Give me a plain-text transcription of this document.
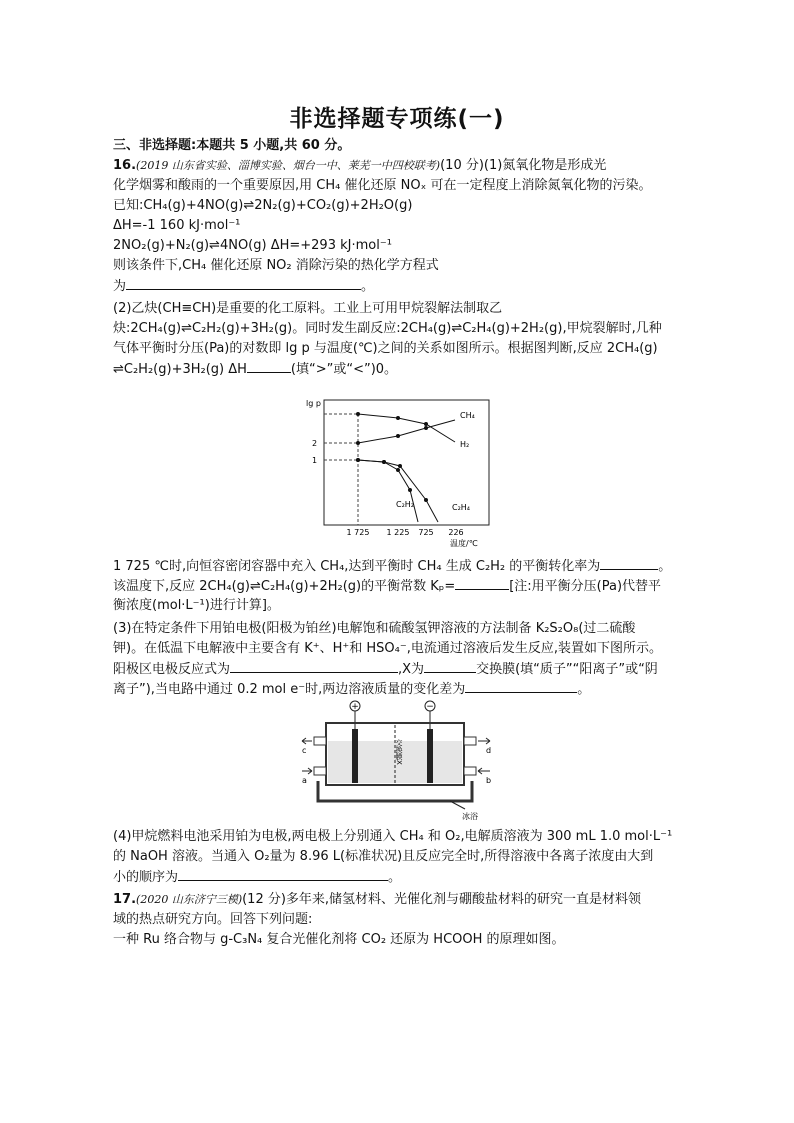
非选择题专项练(一)
三、非选择题:本题共 5 小题,共 60 分。
16.(2019 山东省实验、淄博实验、烟台一中、莱芜一中四校联考)(10 分)(1)氮氧化物是形成光
化学烟雾和酸雨的一个重要原因,用 CH₄ 催化还原 NOₓ 可在一定程度上消除氮氧化物的污染。
已知:CH₄(g)+4NO(g)⇌2N₂(g)+CO₂(g)+2H₂O(g)
ΔH=-1 160 kJ·mol⁻¹
2NO₂(g)+N₂(g)⇌4NO(g) ΔH=+293 kJ·mol⁻¹
则该条件下,CH₄ 催化还原 NO₂ 消除污染的热化学方程式
为	。
(2)乙炔(CH≡CH)是重要的化工原料。工业上可用甲烷裂解法制取乙
炔:2CH₄(g)⇌C₂H₂(g)+3H₂(g)。同时发生副反应:2CH₄(g)⇌C₂H₄(g)+2H₂(g),甲烷裂解时,几种
气体平衡时分压(Pa)的对数即 lg p 与温度(℃)之间的关系如图所示。根据图判断,反应 2CH₄(g)
⇌C₂H₂(g)+3H₂(g) ΔH	(填“>”或“<”)0。
lg p
1
2
1 725 1 225 725 226
温度/℃
CH₄
H₂
C₂H₂	C₂H₄
1 725 ℃时,向恒容密闭容器中充入 CH₄,达到平衡时 CH₄ 生成 C₂H₂ 的平衡转化率为	。
该温度下,反应 2CH₄(g)⇌C₂H₄(g)+2H₂(g)的平衡常数 Kₚ=	[注:用平衡分压(Pa)代替平
衡浓度(mol·L⁻¹)进行计算]。
(3)在特定条件下用铂电极(阳极为铂丝)电解饱和硫酸氢钾溶液的方法制备 K₂S₂O₈(过二硫酸
钾)。在低温下电解液中主要含有 K⁺、H⁺和 HSO₄⁻,电流通过溶液后发生反应,装置如下图所示。
阳极区电极反应式为	,X为	交换膜(填“质子”“阳离子”或“阴
离子”),当电路中通过 0.2 mol e⁻时,两边溶液质量的变化差为	。
+	−
交换膜X
c
a
d
b
冰浴
(4)甲烷燃料电池采用铂为电极,两电极上分别通入 CH₄ 和 O₂,电解质溶液为 300 mL 1.0 mol·L⁻¹
的 NaOH 溶液。当通入 O₂量为 8.96 L(标准状况)且反应完全时,所得溶液中各离子浓度由大到
小的顺序为	。
17.(2020 山东济宁三模)(12 分)多年来,储氢材料、光催化剂与硼酸盐材料的研究一直是材料领
域的热点研究方向。回答下列问题:
一种 Ru 络合物与 g-C₃N₄ 复合光催化剂将 CO₂ 还原为 HCOOH 的原理如图。
